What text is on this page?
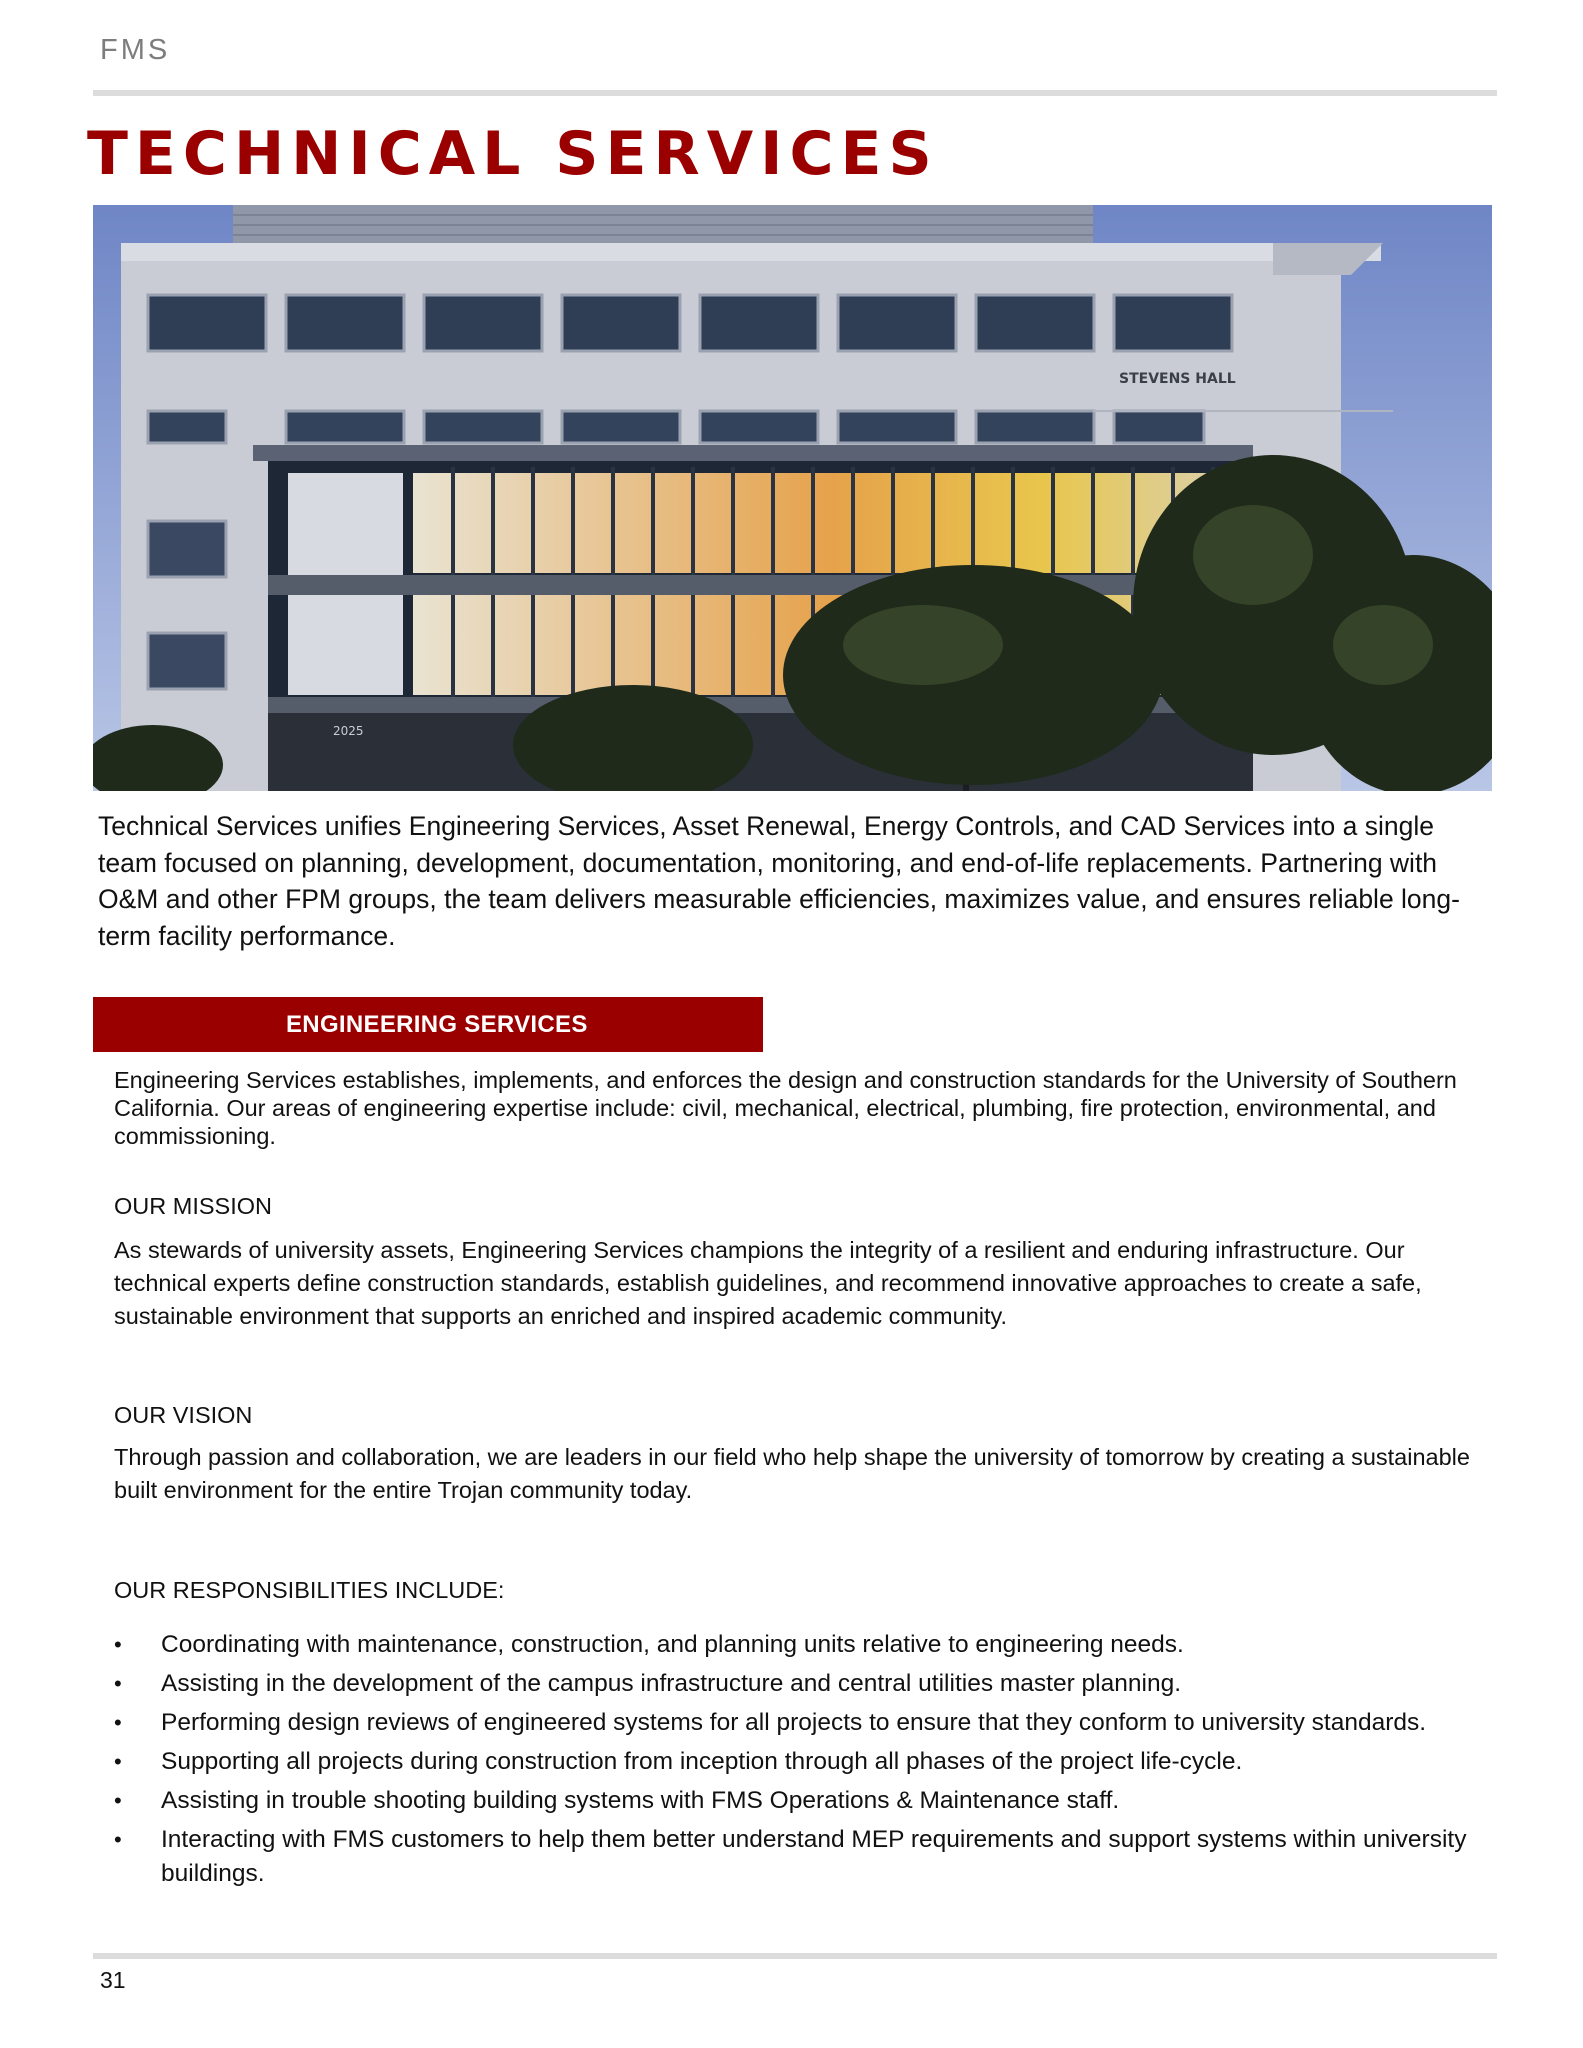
FMS
TECHNICAL SERVICES
STEVENS HALL
2025

Technical Services unifies Engineering Services, Asset Renewal, Energy Controls, and CAD Services into a single team focused on planning, development, documentation, monitoring, and end-of-life replacements. Partnering with O&M and other FPM groups, the team delivers measurable efficiencies, maximizes value, and ensures reliable long-term facility performance.

ENGINEERING SERVICES

Engineering Services establishes, implements, and enforces the design and construction standards for the University of Southern California. Our areas of engineering expertise include: civil, mechanical, electrical, plumbing, fire protection, environmental, and commissioning.

OUR MISSION

As stewards of university assets, Engineering Services champions the integrity of a resilient and enduring infrastructure. Our technical experts define construction standards, establish guidelines, and recommend innovative approaches to create a safe, sustainable environment that supports an enriched and inspired academic community.

OUR VISION

Through passion and collaboration, we are leaders in our field who help shape the university of tomorrow by creating a sustainable built environment for the entire Trojan community today.

OUR RESPONSIBILITIES INCLUDE:
• Coordinating with maintenance, construction, and planning units relative to engineering needs.
• Assisting in the development of the campus infrastructure and central utilities master planning.
• Performing design reviews of engineered systems for all projects to ensure that they conform to university standards.
• Supporting all projects during construction from inception through all phases of the project life-cycle.
• Assisting in trouble shooting building systems with FMS Operations & Maintenance staff.
• Interacting with FMS customers to help them better understand MEP requirements and support systems within university buildings.
31
